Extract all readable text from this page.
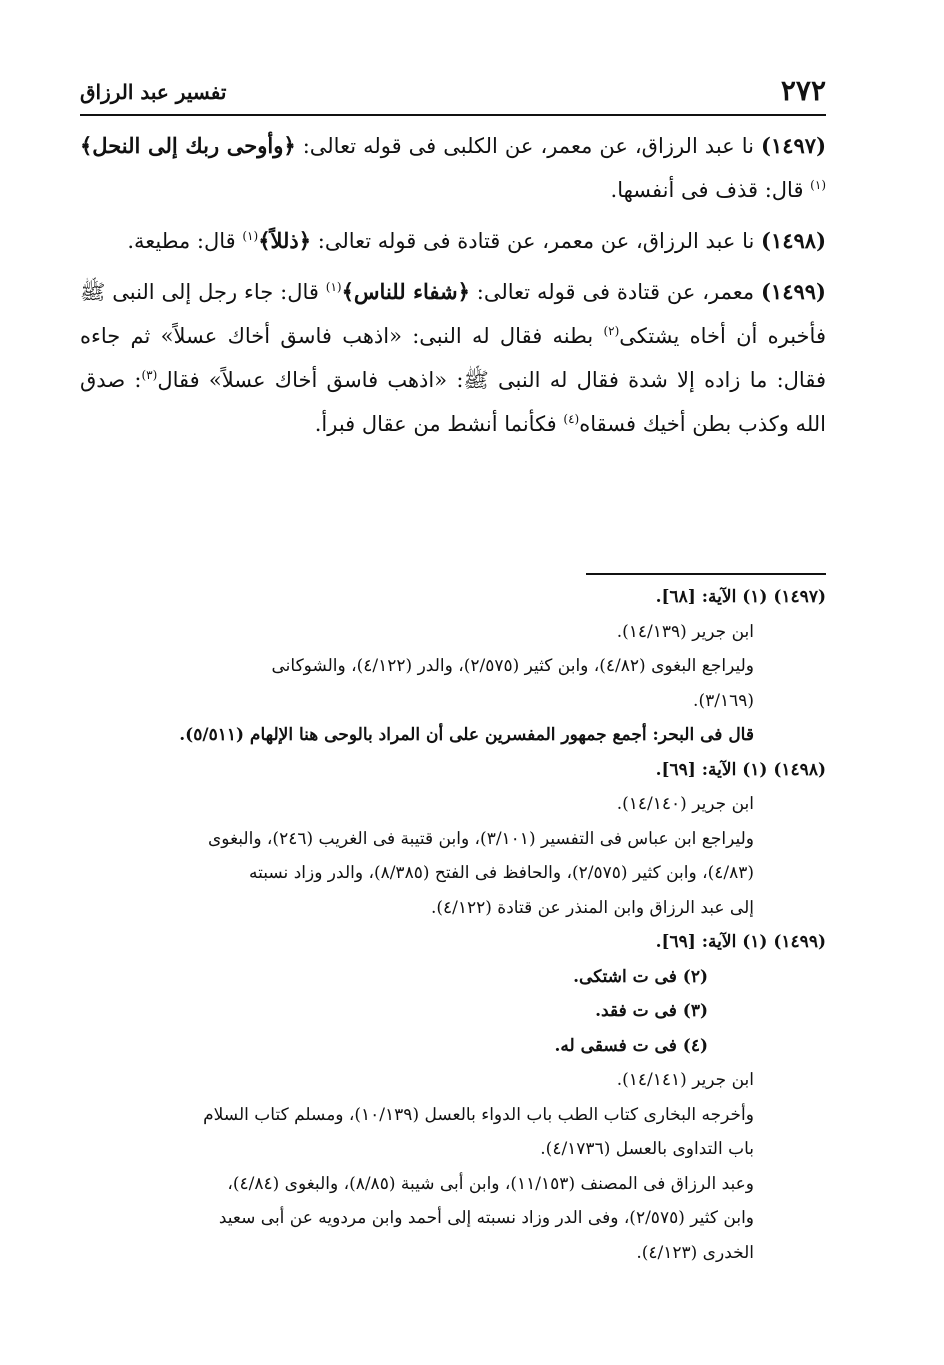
٢٧٢
تفسير عبد الرزاق

(١٤٩٧) نا عبد الرزاق، عن معمر، عن الكلبى فى قوله تعالى: ﴿وأوحى ربك إلى النحل﴾$^{(١)}$ قال: قذف فى أنفسها.

(١٤٩٨) نا عبد الرزاق، عن معمر، عن قتادة فى قوله تعالى: ﴿ذللاً﴾$^{(١)}$ قال: مطيعة.

(١٤٩٩) معمر، عن قتادة فى قوله تعالى: ﴿شفاء للناس﴾$^{(١)}$ قال: جاء رجل إلى النبى ﷺ فأخبره أن أخاه يشتكى$^{(٢)}$ بطنه فقال له النبى: «اذهب فاسق أخاك عسلاً» ثم جاءه فقال: ما زاده إلا شدة فقال له النبى ﷺ: «اذهب فاسق أخاك عسلاً» فقال$^{(٣)}$: صدق الله وكذب بطن أخيك فسقاه$^{(٤)}$ فكأنما أنشط من عقال فبرأ.

(١٤٩٧) (١) الآية: [٦٨].
ابن جرير (١٤/١٣٩).
وليراجع البغوى (٤/٨٢)، وابن كثير (٢/٥٧٥)، والدر (٤/١٢٢)، والشوكانى
(٣/١٦٩).
قال فى البحر: أجمع جمهور المفسرين على أن المراد بالوحى هنا الإلهام (٥/٥١١).
(١٤٩٨) (١) الآية: [٦٩].
ابن جرير (١٤/١٤٠).
وليراجع ابن عباس فى التفسير (٣/١٠١)، وابن قتيبة فى الغريب (٢٤٦)، والبغوى
(٤/٨٣)، وابن كثير (٢/٥٧٥)، والحافظ فى الفتح (٨/٣٨٥)، والدر وزاد نسبته
إلى عبد الرزاق وابن المنذر عن قتادة (٤/١٢٢).
(١٤٩٩) (١) الآية: [٦٩].
(٢) فى ت اشتكى.
(٣) فى ت فقد.
(٤) فى ت فسقى له.
ابن جرير (١٤/١٤١).
وأخرجه البخارى كتاب الطب باب الدواء بالعسل (١٠/١٣٩)، ومسلم كتاب السلام
باب التداوى بالعسل (٤/١٧٣٦).
وعبد الرزاق فى المصنف (١١/١٥٣)، وابن أبى شيبة (٨/٨٥)، والبغوى (٤/٨٤)،
وابن كثير (٢/٥٧٥)، وفى الدر وزاد نسبته إلى أحمد وابن مردويه عن أبى سعيد
الخدرى (٤/١٢٣).
